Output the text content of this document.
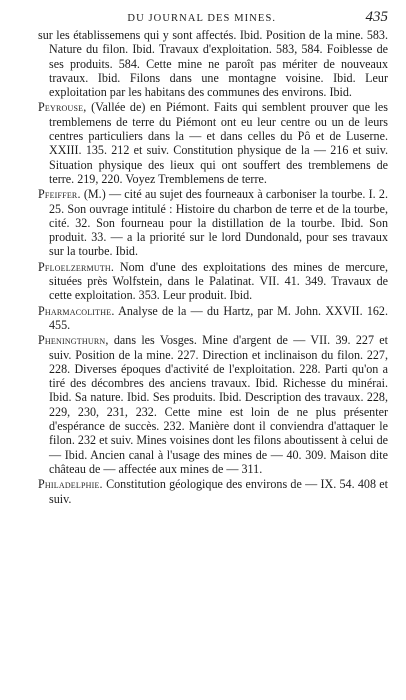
DU JOURNAL DES MINES.	435

sur les établissemens qui y sont affectés. Ibid. Position de la mine. 583. Nature du filon. Ibid. Travaux d'exploitation. 583, 584. Foiblesse de ses produits. 584. Cette mine ne paroît pas mériter de nouveaux travaux. Ibid. Filons dans une montagne voisine. Ibid. Leur exploitation par les habitans des communes des environs. Ibid.

Peyrouse, (Vallée de) en Piémont. Faits qui semblent prouver que les tremblemens de terre du Piémont ont eu leur centre ou un de leurs centres particuliers dans la — et dans celles du Pô et de Luserne. XXIII. 135. 212 et suiv. Constitution physique de la — 216 et suiv. Situation physique des lieux qui ont souffert des tremblemens de terre. 219, 220. Voyez Tremblemens de terre.

Pfeiffer. (M.) — cité au sujet des fourneaux à carboniser la tourbe. I. 2. 25. Son ouvrage intitulé : Histoire du charbon de terre et de la tourbe, cité. 32. Son fourneau pour la distillation de la tourbe. Ibid. Son produit. 33. — a la priorité sur le lord Dundonald, pour ses travaux sur la tourbe. Ibid.

Pfloelzermuth. Nom d'une des exploitations des mines de mercure, situées près Wolfstein, dans le Palatinat. VII. 41. 349. Travaux de cette exploitation. 353. Leur produit. Ibid.

Pharmacolithe. Analyse de la — du Hartz, par M. John. XXVII. 162. 455.

Pheningthurn, dans les Vosges. Mine d'argent de — VII. 39. 227 et suiv. Position de la mine. 227. Direction et inclinaison du filon. 227, 228. Diverses époques d'activité de l'exploitation. 228. Parti qu'on a tiré des décombres des anciens travaux. Ibid. Richesse du minérai. Ibid. Sa nature. Ibid. Ses produits. Ibid. Description des travaux. 228, 229, 230, 231, 232. Cette mine est loin de ne plus présenter d'espérance de succès. 232. Manière dont il conviendra d'attaquer le filon. 232 et suiv. Mines voisines dont les filons aboutissent à celui de — Ibid. Ancien canal à l'usage des mines de — 40. 309. Maison dite château de — affectée aux mines de — 311.

Philadelphie. Constitution géologique des environs de — IX. 54. 408 et suiv.
